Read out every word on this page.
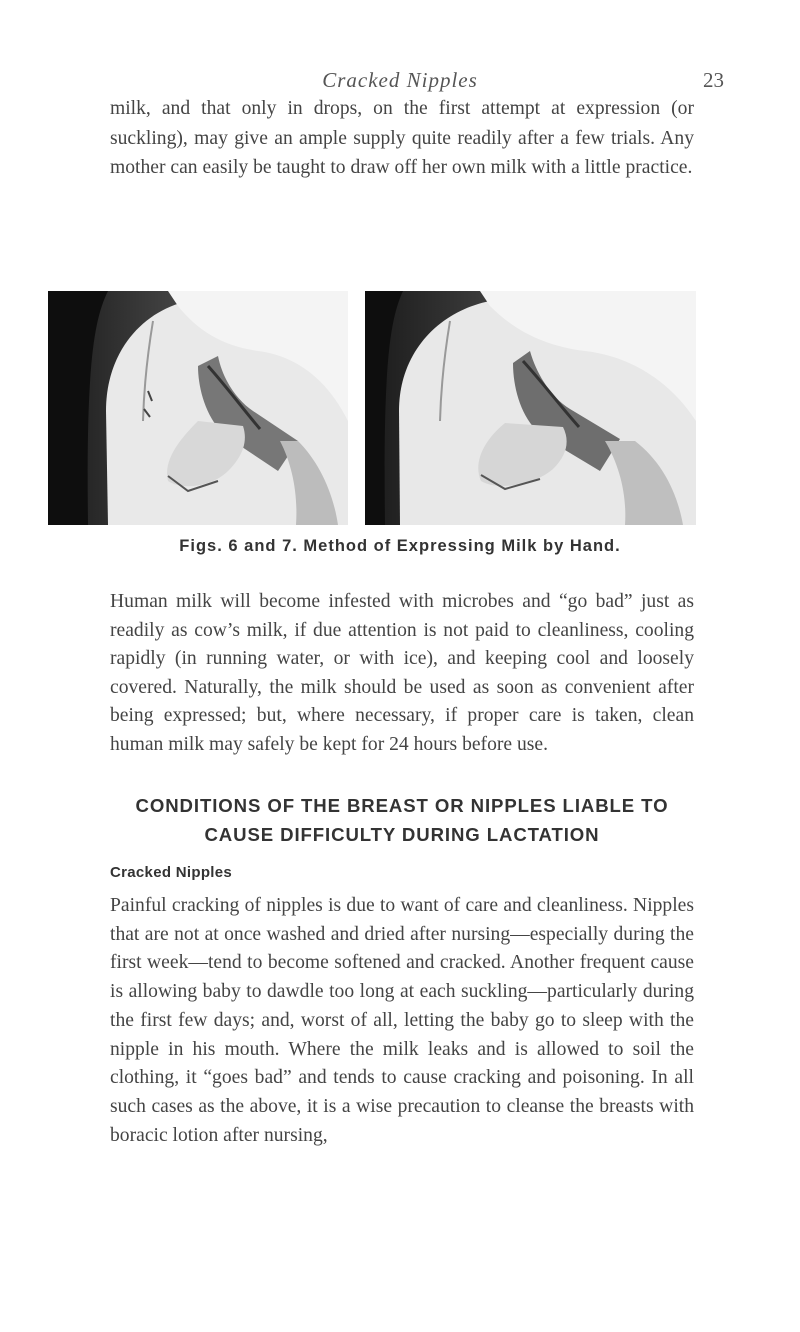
Cracked Nipples	23

milk, and that only in drops, on the first attempt at expression (or suckling), may give an ample supply quite readily after a few trials. Any mother can easily be taught to draw off her own milk with a little practice.

Figs. 6 and 7. Method of Expressing Milk by Hand.

Human milk will become infested with microbes and “go bad” just as readily as cow’s milk, if due attention is not paid to cleanliness, cooling rapidly (in running water, or with ice), and keeping cool and loosely covered. Naturally, the milk should be used as soon as convenient after being expressed; but, where necessary, if proper care is taken, clean human milk may safely be kept for 24 hours before use.

CONDITIONS OF THE BREAST OR NIPPLES LIABLE TO CAUSE DIFFICULTY DURING LACTATION
Cracked Nipples

Painful cracking of nipples is due to want of care and cleanliness. Nipples that are not at once washed and dried after nursing—especially during the first week—tend to become softened and cracked. Another frequent cause is allowing baby to dawdle too long at each suckling—particularly during the first few days; and, worst of all, letting the baby go to sleep with the nipple in his mouth. Where the milk leaks and is allowed to soil the clothing, it “goes bad” and tends to cause cracking and poisoning. In all such cases as the above, it is a wise precaution to cleanse the breasts with boracic lotion after nursing,
